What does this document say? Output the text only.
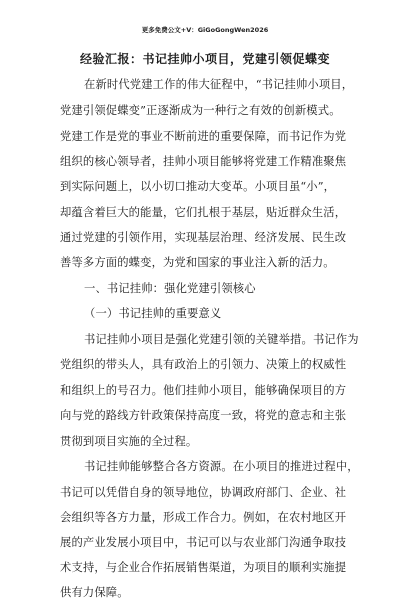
更多免费公文+V：GiGoGongWen2026
经验汇报：书记挂帅小项目，党建引领促蝶变
在新时代党建工作的伟大征程中，“书记挂帅小项目，
党建引领促蝶变”正逐渐成为一种行之有效的创新模式。
党建工作是党的事业不断前进的重要保障，而书记作为党
组织的核心领导者，挂帅小项目能够将党建工作精准聚焦
到实际问题上，以小切口推动大变革。小项目虽“小”，
却蕴含着巨大的能量，它们扎根于基层，贴近群众生活，
通过党建的引领作用，实现基层治理、经济发展、民生改
善等多方面的蝶变，为党和国家的事业注入新的活力。
一、书记挂帅：强化党建引领核心
（一）书记挂帅的重要意义
书记挂帅小项目是强化党建引领的关键举措。书记作为
党组织的带头人，具有政治上的引领力、决策上的权威性
和组织上的号召力。他们挂帅小项目，能够确保项目的方
向与党的路线方针政策保持高度一致，将党的意志和主张
贯彻到项目实施的全过程。
书记挂帅能够整合各方资源。在小项目的推进过程中，
书记可以凭借自身的领导地位，协调政府部门、企业、社
会组织等各方力量，形成工作合力。例如，在农村地区开
展的产业发展小项目中，书记可以与农业部门沟通争取技
术支持，与企业合作拓展销售渠道，为项目的顺利实施提
供有力保障。
